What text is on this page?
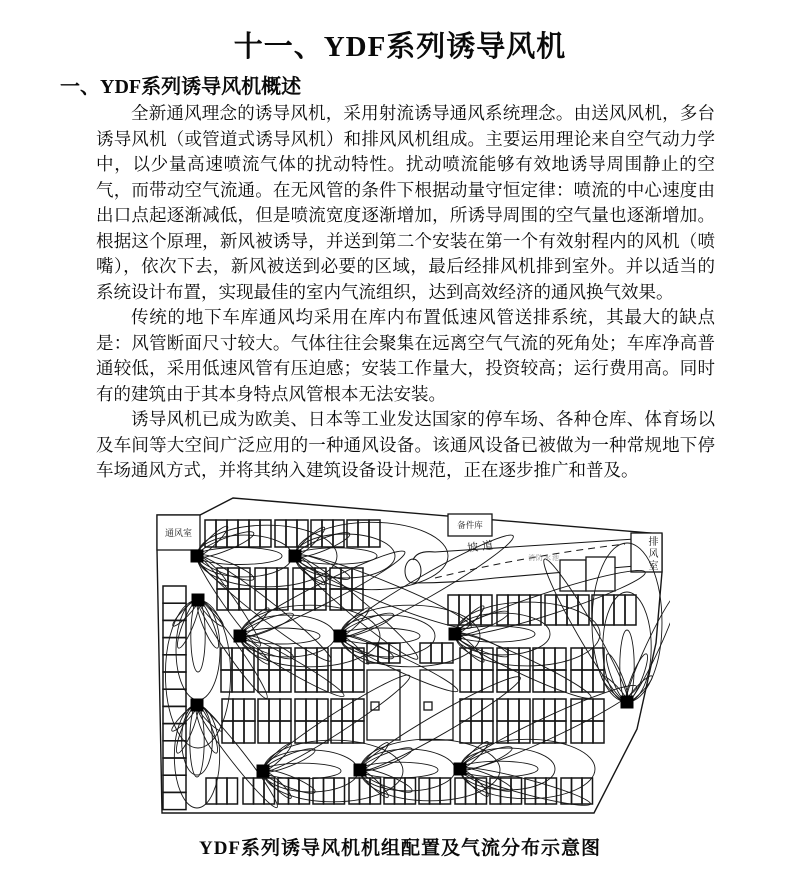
十一、YDF系列诱导风机
一、YDF系列诱导风机概述

全新通风理念的诱导风机，采用射流诱导通风系统理念。由送风风机，多台诱导风机（或管道式诱导风机）和排风风机组成。主要运用理论来自空气动力学中，以少量高速喷流气体的扰动特性。扰动喷流能够有效地诱导周围静止的空气，而带动空气流通。在无风管的条件下根据动量守恒定律：喷流的中心速度由出口点起逐渐减低，但是喷流宽度逐渐增加，所诱导周围的空气量也逐渐增加。根据这个原理，新风被诱导，并送到第二个安装在第一个有效射程内的风机（喷嘴），依次下去，新风被送到必要的区域，最后经排风机排到室外。并以适当的系统设计布置，实现最佳的室内气流组织，达到高效经济的通风换气效果。

传统的地下车库通风均采用在库内布置低速风管送排系统，其最大的缺点是：风管断面尺寸较大。气体往往会聚集在远离空气气流的死角处；车库净高普通较低，采用低速风管有压迫感；安装工作量大，投资较高；运行费用高。同时有的建筑由于其本身特点风管根本无法安装。

诱导风机已成为欧美、日本等工业发达国家的停车场、各种仓库、体育场以及车间等大空间广泛应用的一种通风设备。该通风设备已被做为一种常规地下停车场通风方式，并将其纳入建筑设备设计规范，正在逐步推广和普及。

通风室
备件库
坡道	排风室
消防水池
YDF系列诱导风机机组配置及气流分布示意图
